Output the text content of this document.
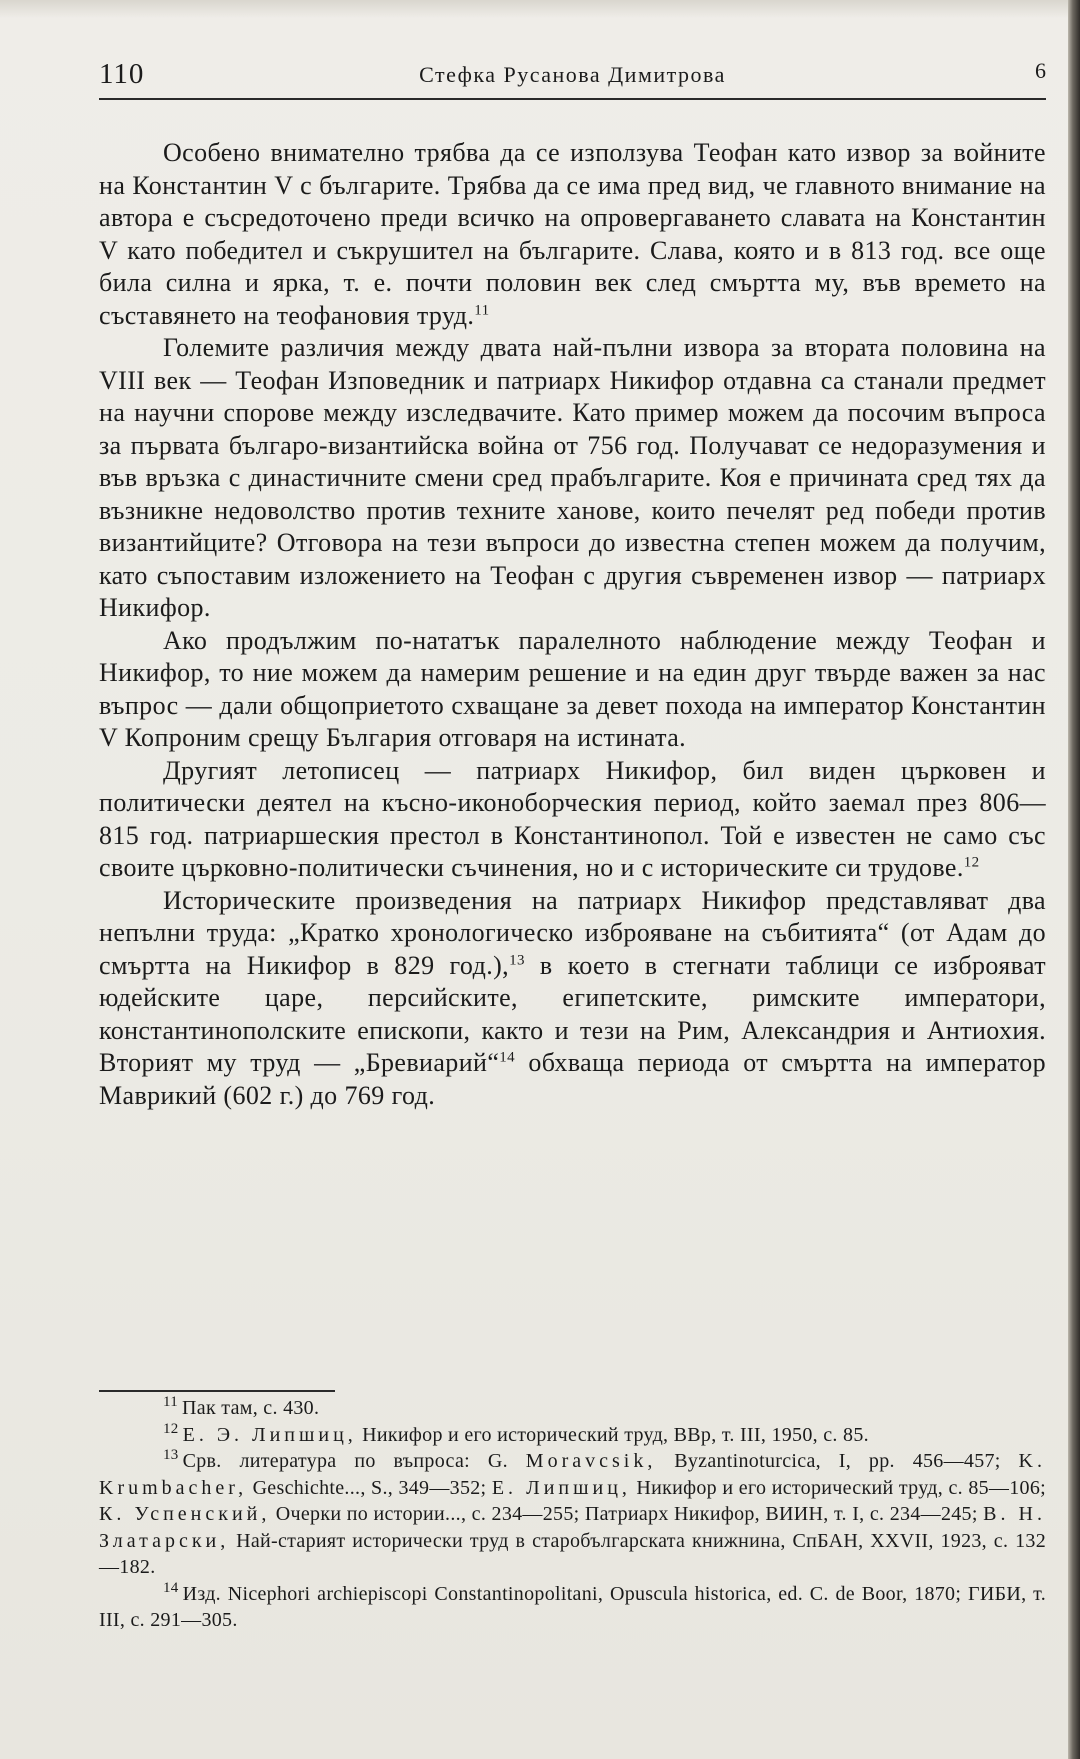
110	Стефка Русанова Димитрова	6

Особено внимателно трябва да се използува Теофан като извор за войните на Константин V с българите. Трябва да се има пред вид, че главното внимание на автора е съсредоточено преди всичко на опровергаването славата на Константин V като победител и съкрушител на българите. Слава, която и в 813 год. все още била силна и ярка, т. е. почти половин век след смъртта му, във времето на съставянето на теофановия труд.$^{11}$

Големите различия между двата най-пълни извора за втората половина на VIII век — Теофан Изповедник и патриарх Никифор отдавна са станали предмет на научни спорове между изследвачите. Като пример можем да посочим въпроса за първата българо-византийска война от 756 год. Получават се недоразумения и във връзка с династичните смени сред прабългарите. Коя е причината сред тях да възникне недоволство против техните ханове, които печелят ред победи против византийците? Отговора на тези въпроси до известна степен можем да получим, като съпоставим изложението на Теофан с другия съвременен извор — патриарх Никифор.

Ако продължим по-нататък паралелното наблюдение между Теофан и Никифор, то ние можем да намерим решение и на един друг твърде важен за нас въпрос — дали общоприетото схващане за девет похода на император Константин V Копроним срещу България отговаря на истината.

Другият летописец — патриарх Никифор, бил виден църковен и политически деятел на късно-иконоборческия период, който заемал през 806—815 год. патриаршеския престол в Константинопол. Той е известен не само със своите църковно-политически съчинения, но и с историческите си трудове.$^{12}$

Историческите произведения на патриарх Никифор представляват два непълни труда: „Кратко хронологическо изброяване на събитията“ (от Адам до смъртта на Никифор в 829 год.),$^{13}$ в което в стегнати таблици се изброяват юдейските царе, персийските, египетските, римските императори, константинополските епископи, както и тези на Рим, Александрия и Антиохия. Вторият му труд — „Бревиарий“$^{14}$ обхваща периода от смъртта на император Маврикий (602 г.) до 769 год.

$^{11}$ Пак там, с. 430.

$^{12}$ Е. Э. Липшиц, Никифор и его исторический труд, ВВр, т. III, 1950, с. 85.

$^{13}$ Срв. литература по въпроса: G. Moravcsik, Byzantinoturcica, I, pp. 456—457; K. Krumbacher, Geschichte..., S., 349—352; Е. Липшиц, Никифор и его исторический труд, с. 85—106; К. Успенский, Очерки по истории..., с. 234—255; Патриарх Никифор, ВИИН, т. I, с. 234—245; В. Н. Златарски, Най-старият исторически труд в старобългарската книжнина, СпБАН, XXVII, 1923, с. 132—182.

$^{14}$ Изд. Nicephori archiepiscopi Constantinopolitani, Opuscula historica, ed. C. de Boor, 1870; ГИБИ, т. III, с. 291—305.
